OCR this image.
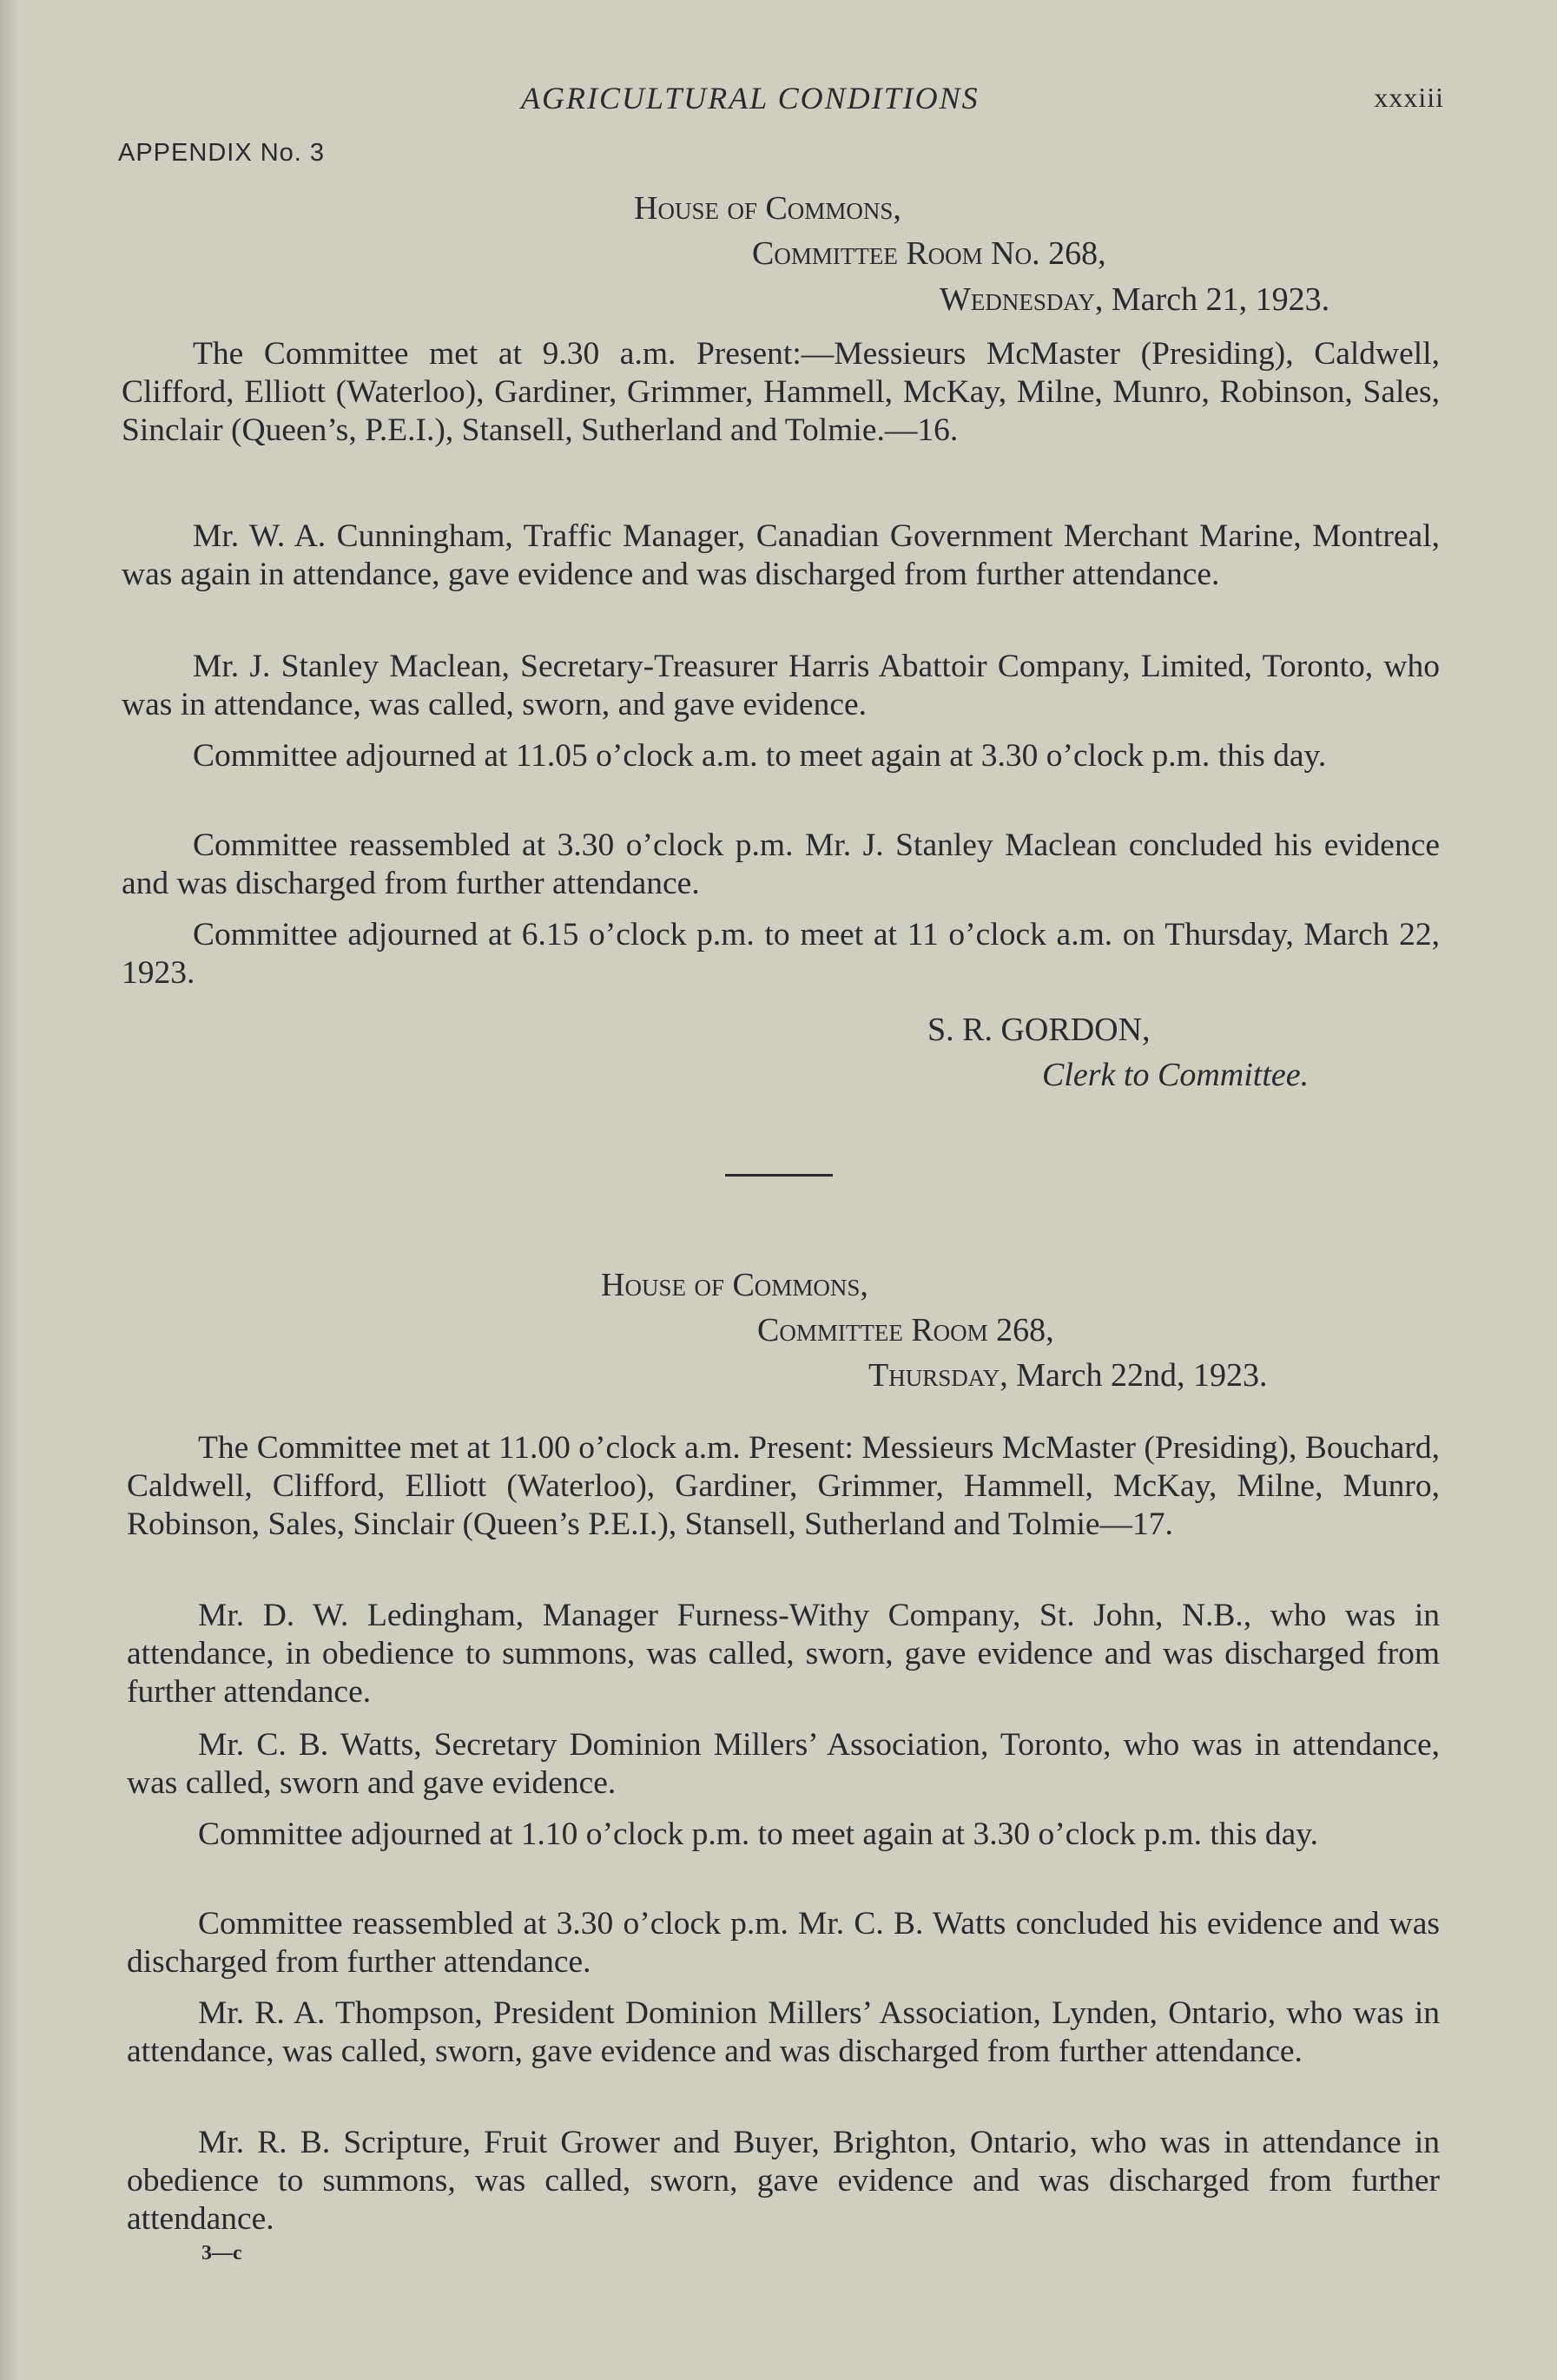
AGRICULTURAL CONDITIONS	xxxiii
APPENDIX No. 3
House of Commons,
Committee Room No. 268,
Wednesday, March 21, 1923.

The Committee met at 9.30 a.m. Present:—Messieurs McMaster (Presiding), Caldwell, Clifford, Elliott (Waterloo), Gardiner, Grimmer, Hammell, McKay, Milne, Munro, Robinson, Sales, Sinclair (Queen’s, P.E.I.), Stansell, Sutherland and Tolmie.—16.

Mr. W. A. Cunningham, Traffic Manager, Canadian Government Merchant Marine, Montreal, was again in attendance, gave evidence and was discharged from further attendance.

Mr. J. Stanley Maclean, Secretary-Treasurer Harris Abattoir Company, Limited, Toronto, who was in attendance, was called, sworn, and gave evidence.

Committee adjourned at 11.05 o’clock a.m. to meet again at 3.30 o’clock p.m. this day.

Committee reassembled at 3.30 o’clock p.m. Mr. J. Stanley Maclean concluded his evidence and was discharged from further attendance.

Committee adjourned at 6.15 o’clock p.m. to meet at 11 o’clock a.m. on Thursday, March 22, 1923.

S. R. GORDON,
Clerk to Committee.
House of Commons,
Committee Room 268,
Thursday, March 22nd, 1923.

The Committee met at 11.00 o’clock a.m. Present: Messieurs McMaster (Presiding), Bouchard, Caldwell, Clifford, Elliott (Waterloo), Gardiner, Grimmer, Hammell, McKay, Milne, Munro, Robinson, Sales, Sinclair (Queen’s P.E.I.), Stansell, Sutherland and Tolmie—17.

Mr. D. W. Ledingham, Manager Furness-Withy Company, St. John, N.B., who was in attendance, in obedience to summons, was called, sworn, gave evidence and was discharged from further attendance.

Mr. C. B. Watts, Secretary Dominion Millers’ Association, Toronto, who was in attendance, was called, sworn and gave evidence.

Committee adjourned at 1.10 o’clock p.m. to meet again at 3.30 o’clock p.m. this day.

Committee reassembled at 3.30 o’clock p.m. Mr. C. B. Watts concluded his evidence and was discharged from further attendance.

Mr. R. A. Thompson, President Dominion Millers’ Association, Lynden, Ontario, who was in attendance, was called, sworn, gave evidence and was discharged from further attendance.

Mr. R. B. Scripture, Fruit Grower and Buyer, Brighton, Ontario, who was in attendance in obedience to summons, was called, sworn, gave evidence and was discharged from further attendance.

3—c
